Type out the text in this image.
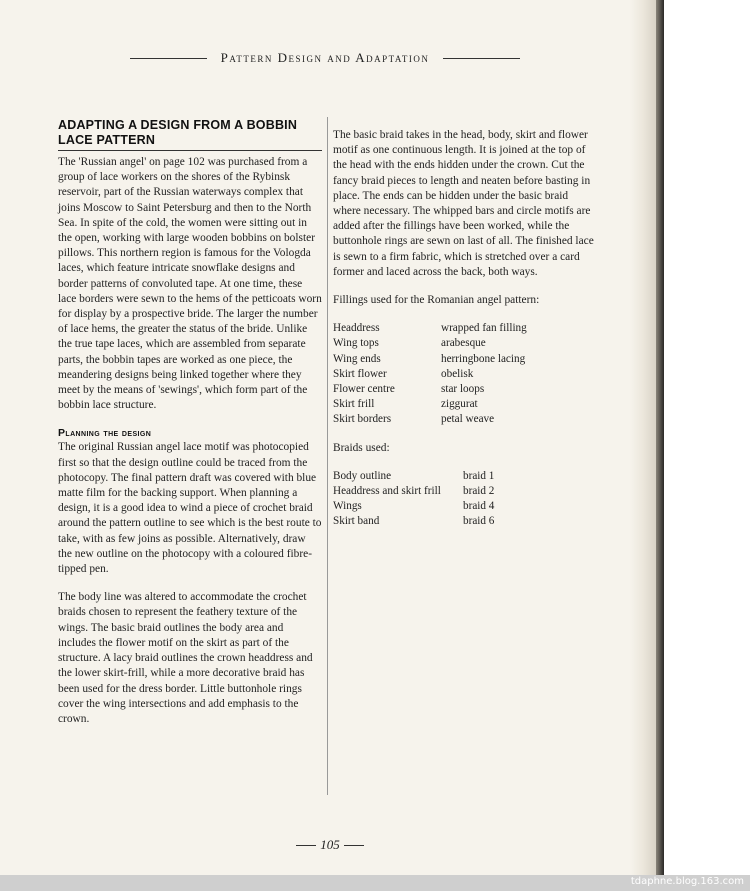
tdaphne.blog.163.com
Pattern Design and Adaptation
ADAPTING A DESIGN FROM A BOBBIN LACE PATTERN

The 'Russian angel' on page 102 was purchased from a group of lace workers on the shores of the Rybinsk reservoir, part of the Russian waterways complex that joins Moscow to Saint Petersburg and then to the North Sea. In spite of the cold, the women were sitting out in the open, working with large wooden bobbins on bolster pillows. This northern region is famous for the Vologda laces, which feature intricate snowflake designs and border patterns of convoluted tape. At one time, these lace borders were sewn to the hems of the petticoats worn for display by a prospective bride. The larger the number of lace hems, the greater the status of the bride. Unlike the true tape laces, which are assembled from separate parts, the bobbin tapes are worked as one piece, the meandering designs being linked together where they meet by the means of 'sewings', which form part of the bobbin lace structure.

Planning the design

The original Russian angel lace motif was photocopied first so that the design outline could be traced from the photocopy. The final pattern draft was covered with blue matte film for the backing support. When planning a design, it is a good idea to wind a piece of crochet braid around the pattern outline to see which is the best route to take, with as few joins as possible. Alternatively, draw the new outline on the photocopy with a coloured fibre-tipped pen.

The body line was altered to accommodate the crochet braids chosen to represent the feathery texture of the wings. The basic braid outlines the body area and includes the flower motif on the skirt as part of the structure. A lacy braid outlines the crown headdress and the lower skirt-frill, while a more decorative braid has been used for the dress border. Little buttonhole rings cover the wing intersections and add emphasis to the crown.

The basic braid takes in the head, body, skirt and flower motif as one continuous length. It is joined at the top of the head with the ends hidden under the crown. Cut the fancy braid pieces to length and neaten before basting in place. The ends can be hidden under the basic braid where necessary. The whipped bars and circle motifs are added after the fillings have been worked, while the buttonhole rings are sewn on last of all. The finished lace is sewn to a firm fabric, which is stretched over a card former and laced across the back, both ways.

Fillings used for the Romanian angel pattern:

Headdress	wrapped fan filling
Wing tops	arabesque
Wing ends	herringbone lacing
Skirt flower	obelisk
Flower centre	star loops
Skirt frill	ziggurat
Skirt borders	petal weave

Braids used:

Body outline	braid 1
Headdress and skirt frill	braid 2
Wings	braid 4
Skirt band	braid 6
105
